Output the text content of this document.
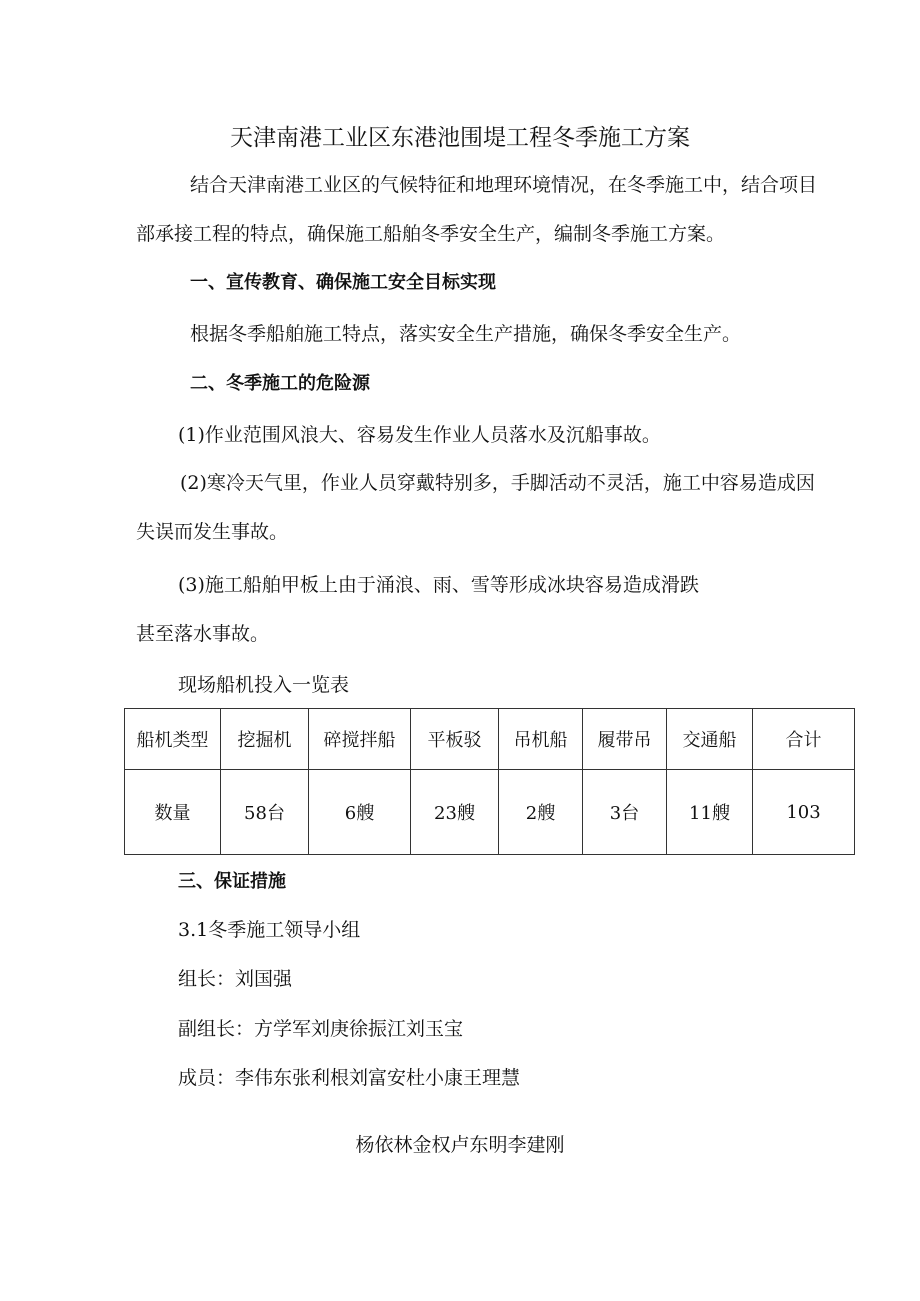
天津南港工业区东港池围堤工程冬季施工方案
结合天津南港工业区的气候特征和地理环境情况，在冬季施工中，结合项目
部承接工程的特点，确保施工船舶冬季安全生产，编制冬季施工方案。
一、宣传教育、确保施工安全目标实现
根据冬季船舶施工特点，落实安全生产措施，确保冬季安全生产。
二、冬季施工的危险源
(1)作业范围风浪大、容易发生作业人员落水及沉船事故。
(2)寒冷天气里，作业人员穿戴特别多，手脚活动不灵活，施工中容易造成因
失误而发生事故。
(3)施工船舶甲板上由于涌浪、雨、雪等形成冰块容易造成滑跌
甚至落水事故。
现场船机投入一览表
船机类型	挖掘机	碎搅拌船	平板驳	吊机船	履带吊	交通船	合计
数量	58台	6艘	23艘	2艘	3台	11艘	103
三、保证措施
3.1冬季施工领导小组
组长：刘国强
副组长：方学军刘庚徐振江刘玉宝
成员：李伟东张利根刘富安杜小康王理慧
杨依林金权卢东明李建刚
